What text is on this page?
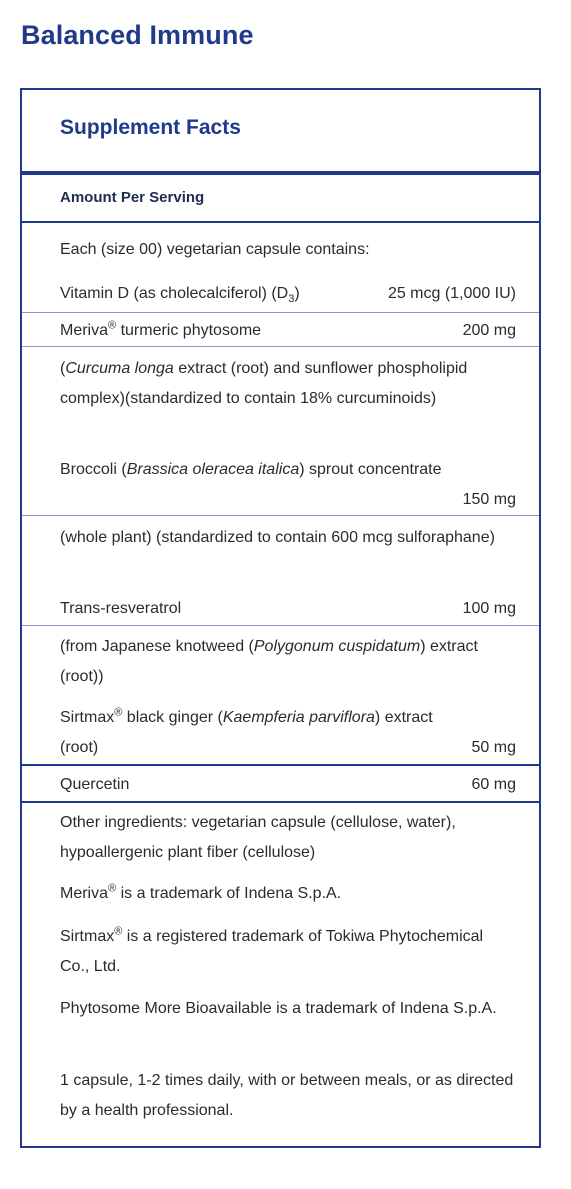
Balanced Immune
Supplement Facts
Amount Per Serving
Each (size 00) vegetarian capsule contains:
Vitamin D (as cholecalciferol) $(D_3)$	25 mcg (1,000 IU)
Meriva® turmeric phytosome	200 mg
(Curcuma longa extract (root) and sunflower phospholipid complex)(standardized to contain 18% curcuminoids)
Broccoli (Brassica oleracea italica) sprout concentrate
150 mg
(whole plant) (standardized to contain 600 mcg sulforaphane)
Trans-resveratrol	100 mg
(from Japanese knotweed (Polygonum cuspidatum) extract (root))
Sirtmax® black ginger (Kaempferia parviflora) extract
(root)	50 mg
Quercetin	60 mg
Other ingredients: vegetarian capsule (cellulose, water), hypoallergenic plant fiber (cellulose)
Meriva® is a trademark of Indena S.p.A.
Sirtmax® is a registered trademark of Tokiwa Phytochemical Co., Ltd.
Phytosome More Bioavailable is a trademark of Indena S.p.A.
1 capsule, 1-2 times daily, with or between meals, or as directed by a health professional.
